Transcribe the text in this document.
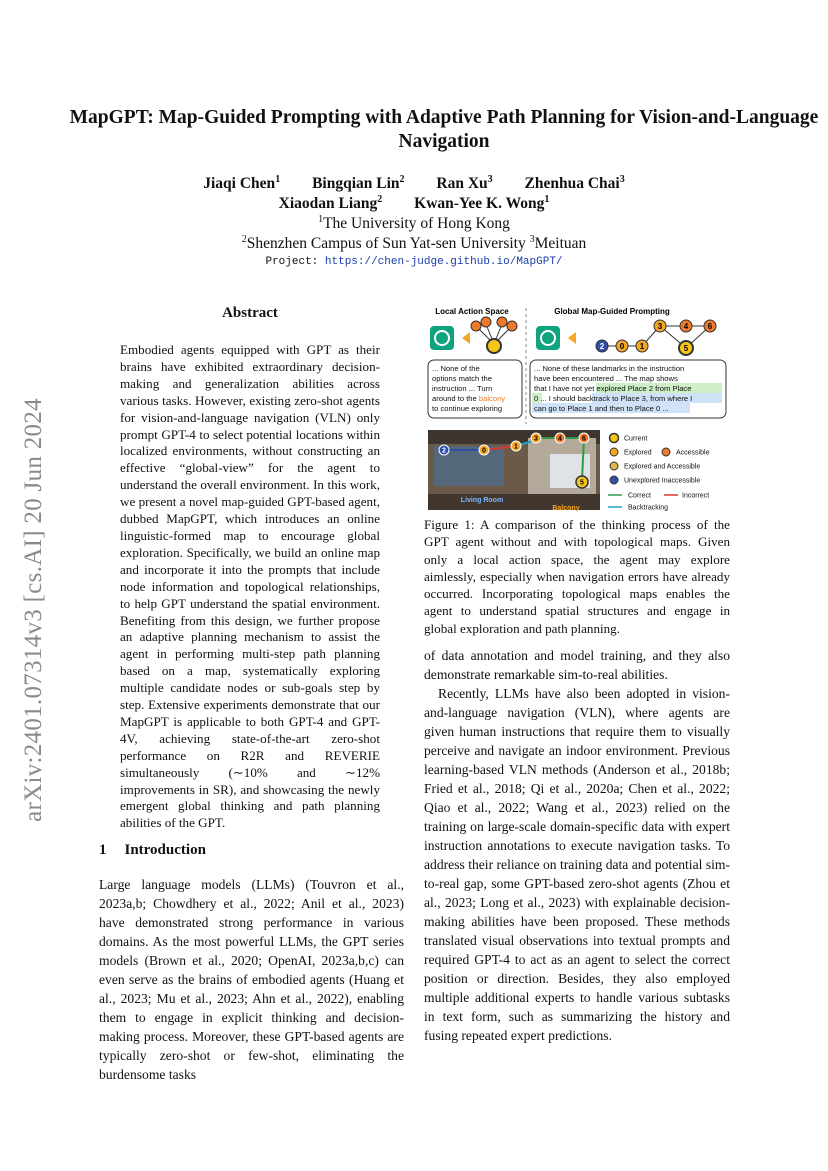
arXiv:2401.07314v3 [cs.AI] 20 Jun 2024
MapGPT: Map-Guided Prompting with Adaptive Path Planning for Vision-and-Language Navigation
Jiaqi Chen$^1$ Bingqian Lin$^2$ Ran Xu$^3$ Zhenhua Chai$^3$
Xiaodan Liang$^2$ Kwan-Yee K. Wong$^1$
$^1$The University of Hong Kong
$^2$Shenzhen Campus of Sun Yat-sen University $^3$Meituan
Project: https://chen-judge.github.io/MapGPT/
Abstract

Embodied agents equipped with GPT as their brains have exhibited extraordinary decision-making and generalization abilities across various tasks. However, existing zero-shot agents for vision-and-language navigation (VLN) only prompt GPT-4 to select potential locations within localized environments, without constructing an effective “global-view” for the agent to understand the overall environment. In this work, we present a novel map-guided GPT-based agent, dubbed MapGPT, which introduces an online linguistic-formed map to encourage global exploration. Specifically, we build an online map and incorporate it into the prompts that include node information and topological relationships, to help GPT understand the spatial environment. Benefiting from this design, we further propose an adaptive planning mechanism to assist the agent in performing multi-step path planning based on a map, systematically exploring multiple candidate nodes or sub-goals step by step. Extensive experiments demonstrate that our MapGPT is applicable to both GPT-4 and GPT-4V, achieving state-of-the-art zero-shot performance on R2R and REVERIE simultaneously (∼10% and ∼12% improvements in SR), and showcasing the newly emergent global thinking and path planning abilities of the GPT.

1 Introduction

Large language models (LLMs) (Touvron et al., 2023a,b; Chowdhery et al., 2022; Anil et al., 2023) have demonstrated strong performance in various domains. As the most powerful LLMs, the GPT series models (Brown et al., 2020; OpenAI, 2023a,b,c) can even serve as the brains of embodied agents (Huang et al., 2023; Mu et al., 2023; Ahn et al., 2022), enabling them to engage in explicit thinking and decision-making process. Moreover, these GPT-based agents are typically zero-shot or few-shot, eliminating the burdensome tasks

Local Action Space	Global Map-Guided Prompting
2 0 1
3	4 6
5
... None of the
options match the
instruction ... Turn
around to the balcony
to continue exploring
... None of these landmarks in the instruction
have been encountered ... The map shows
that I have not yet explored Place 2 from Place
0 ... I should backtrack to Place 3, from where I
can go to Place 1 and then to Place 0 ...
2	0
1
3	4	6
5
Living Room
Balcony
Current
Explored	Accessible
Explored and Accessible
Unexplored Inaccessible
Correct	Incorrect
Backtracking

Figure 1: A comparison of the thinking process of the GPT agent without and with topological maps. Given only a local action space, the agent may explore aimlessly, especially when navigation errors have already occurred. Incorporating topological maps enables the agent to understand spatial structures and engage in global exploration and path planning.

of data annotation and model training, and they also demonstrate remarkable sim-to-real abilities.

Recently, LLMs have also been adopted in vision-and-language navigation (VLN), where agents are given human instructions that require them to visually perceive and navigate an indoor environment. Previous learning-based VLN methods (Anderson et al., 2018b; Fried et al., 2018; Qi et al., 2020a; Chen et al., 2022; Qiao et al., 2022; Wang et al., 2023) relied on the training on large-scale domain-specific data with expert instruction annotations to execute navigation tasks. To address their reliance on training data and potential sim-to-real gap, some GPT-based zero-shot agents (Zhou et al., 2023; Long et al., 2023) with explainable decision-making abilities have been proposed. These methods translated visual observations into textual prompts and required GPT-4 to act as an agent to select the correct position or direction. Besides, they also employed multiple additional experts to handle various subtasks in text form, such as summarizing the history and fusing repeated expert predictions.
